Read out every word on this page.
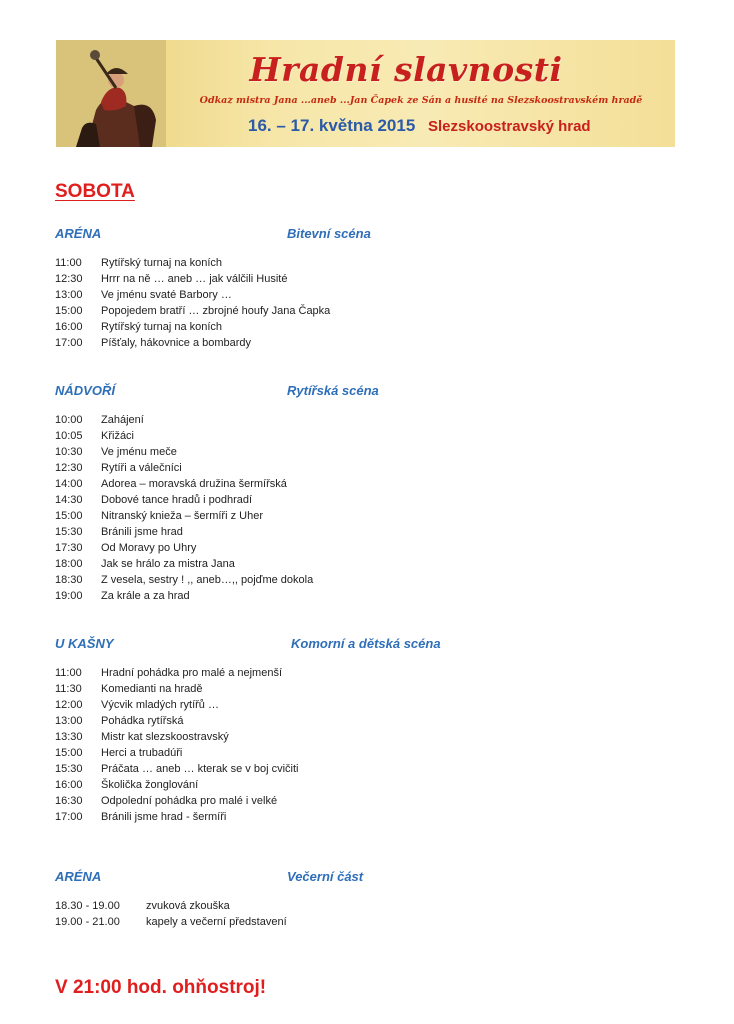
Hradní slavnosti
Odkaz mistra Jana ...aneb ...Jan Čapek ze Sán a husité na Slezskoostravském hradě
16. – 17. května 2015 Slezskoostravský hrad
SOBOTA
ARÉNA	Bitevní scéna
11:00 Rytířský turnaj na koních
12:30 Hrrr na ně … aneb … jak válčili Husité
13:00 Ve jménu svaté Barbory …
15:00 Popojedem bratří … zbrojné houfy Jana Čapka
16:00 Rytířský turnaj na koních
17:00 Píšťaly, hákovnice a bombardy
NÁDVOŘÍ	Rytířská scéna
10:00 Zahájení
10:05 Křižáci
10:30 Ve jménu meče
12:30 Rytíři a válečníci
14:00 Adorea – moravská družina šermířská
14:30 Dobové tance hradů i podhradí
15:00 Nitranský knieža – šermíři z Uher
15:30 Bránili jsme hrad
17:30 Od Moravy po Uhry
18:00 Jak se hrálo za mistra Jana
18:30 Z vesela, sestry ! ,, aneb…,, pojďme dokola
19:00 Za krále a za hrad
U KAŠNY	Komorní a dětská scéna
11:00 Hradní pohádka pro malé a nejmenší
11:30 Komedianti na hradě
12:00 Výcvik mladých rytířů …
13:00 Pohádka rytířská
13:30 Mistr kat slezskoostravský
15:00 Herci a trubadúři
15:30 Práčata … aneb … kterak se v boj cvičiti
16:00 Školička žonglování
16:30 Odpolední pohádka pro malé i velké
17:00 Bránili jsme hrad - šermíři
ARÉNA	Večerní část
18.30 - 19.00 zvuková zkouška
19.00 - 21.00 kapely a večerní představení
V 21:00 hod. ohňostroj!
